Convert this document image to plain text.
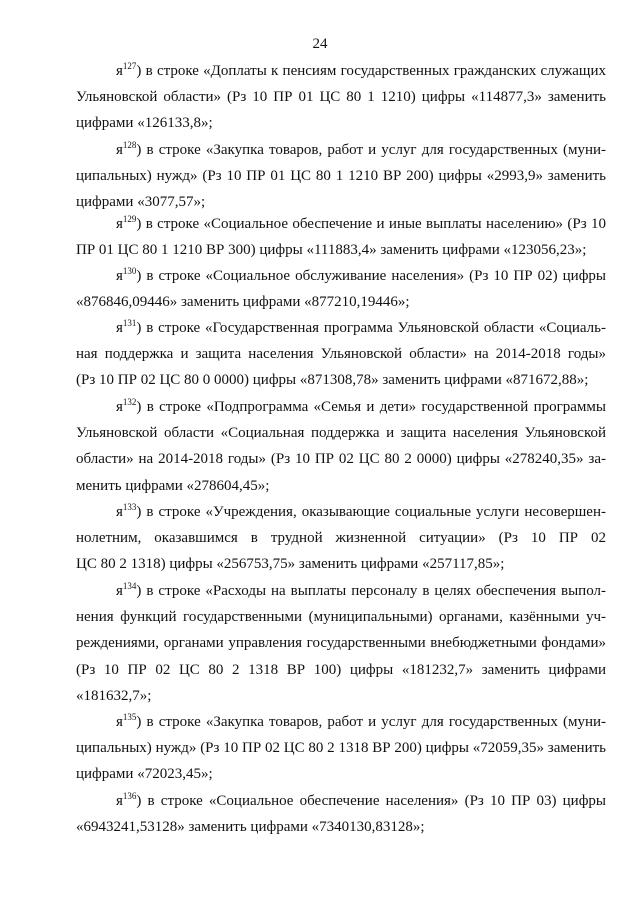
24
$я^{127}$) в строке «Доплаты к пенсиям государственных гражданских служащих
Ульяновской области» (Рз 10 ПР 01 ЦС 80 1 1210) цифры «114877,3» заменить
цифрами «126133,8»;
$я^{128}$) в строке «Закупка товаров, работ и услуг для государственных (муни-
ципальных) нужд» (Рз 10 ПР 01 ЦС 80 1 1210 ВР 200) цифры «2993,9» заменить
цифрами «3077,57»;
$я^{129}$) в строке «Социальное обеспечение и иные выплаты населению» (Рз 10
ПР 01 ЦС 80 1 1210 ВР 300) цифры «111883,4» заменить цифрами «123056,23»;
$я^{130}$) в строке «Социальное обслуживание населения» (Рз 10 ПР 02) цифры
«876846,09446» заменить цифрами «877210,19446»;
$я^{131}$) в строке «Государственная программа Ульяновской области «Социаль-
ная поддержка и защита населения Ульяновской области» на 2014-2018 годы»
(Рз 10 ПР 02 ЦС 80 0 0000) цифры «871308,78» заменить цифрами «871672,88»;
$я^{132}$) в строке «Подпрограмма «Семья и дети» государственной программы
Ульяновской области «Социальная поддержка и защита населения Ульяновской
области» на 2014-2018 годы» (Рз 10 ПР 02 ЦС 80 2 0000) цифры «278240,35» за-
менить цифрами «278604,45»;
$я^{133}$) в строке «Учреждения, оказывающие социальные услуги несовершен-
нолетним, оказавшимся в трудной жизненной ситуации» (Рз 10 ПР 02
ЦС 80 2 1318) цифры «256753,75» заменить цифрами «257117,85»;
$я^{134}$) в строке «Расходы на выплаты персоналу в целях обеспечения выпол-
нения функций государственными (муниципальными) органами, казёнными уч-
реждениями, органами управления государственными внебюджетными фондами»
(Рз 10 ПР 02 ЦС 80 2 1318 ВР 100) цифры «181232,7» заменить цифрами
«181632,7»;
$я^{135}$) в строке «Закупка товаров, работ и услуг для государственных (муни-
ципальных) нужд» (Рз 10 ПР 02 ЦС 80 2 1318 ВР 200) цифры «72059,35» заменить
цифрами «72023,45»;
$я^{136}$) в строке «Социальное обеспечение населения» (Рз 10 ПР 03) цифры
«6943241,53128» заменить цифрами «7340130,83128»;
